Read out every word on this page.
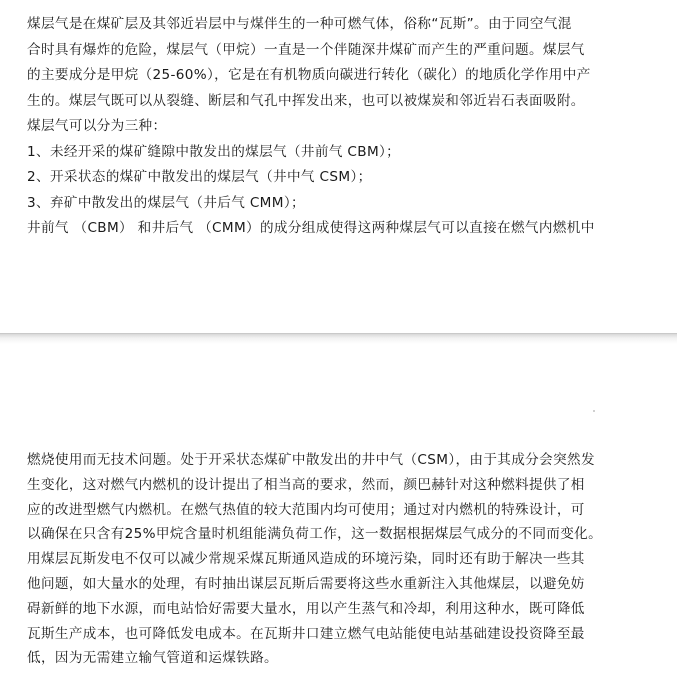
煤层气是在煤矿层及其邻近岩层中与煤伴生的一种可燃气体，俗称“瓦斯”。由于同空气混

合时具有爆炸的危险，煤层气（甲烷）一直是一个伴随深井煤矿而产生的严重问题。煤层气

的主要成分是甲烷（25-60%），它是在有机物质向碳进行转化（碳化）的地质化学作用中产

生的。煤层气既可以从裂缝、断层和气孔中挥发出来，也可以被煤炭和邻近岩石表面吸附。

煤层气可以分为三种：

1、未经开采的煤矿缝隙中散发出的煤层气（井前气 CBM）；

2、开采状态的煤矿中散发出的煤层气（井中气 CSM）；

3、弃矿中散发出的煤层气（井后气 CMM）；

井前气 （CBM） 和井后气 （CMM）的成分组成使得这两种煤层气可以直接在燃气内燃机中

燃烧使用而无技术问题。处于开采状态煤矿中散发出的井中气（CSM），由于其成分会突然发

生变化，这对燃气内燃机的设计提出了相当高的要求，然而，颜巴赫针对这种燃料提供了相

应的改进型燃气内燃机。在燃气热值的较大范围内均可使用；通过对内燃机的特殊设计，可

以确保在只含有25%甲烷含量时机组能满负荷工作，这一数据根据煤层气成分的不同而变化。

用煤层瓦斯发电不仅可以减少常规采煤瓦斯通风造成的环境污染，同时还有助于解决一些其

他问题，如大量水的处理，有时抽出谋层瓦斯后需要将这些水重新注入其他煤层，以避免妨

碍新鲜的地下水源，而电站恰好需要大量水，用以产生蒸气和冷却，利用这种水，既可降低

瓦斯生产成本，也可降低发电成本。在瓦斯井口建立燃气电站能使电站基础建设投资降至最

低，因为无需建立输气管道和运煤铁路。
